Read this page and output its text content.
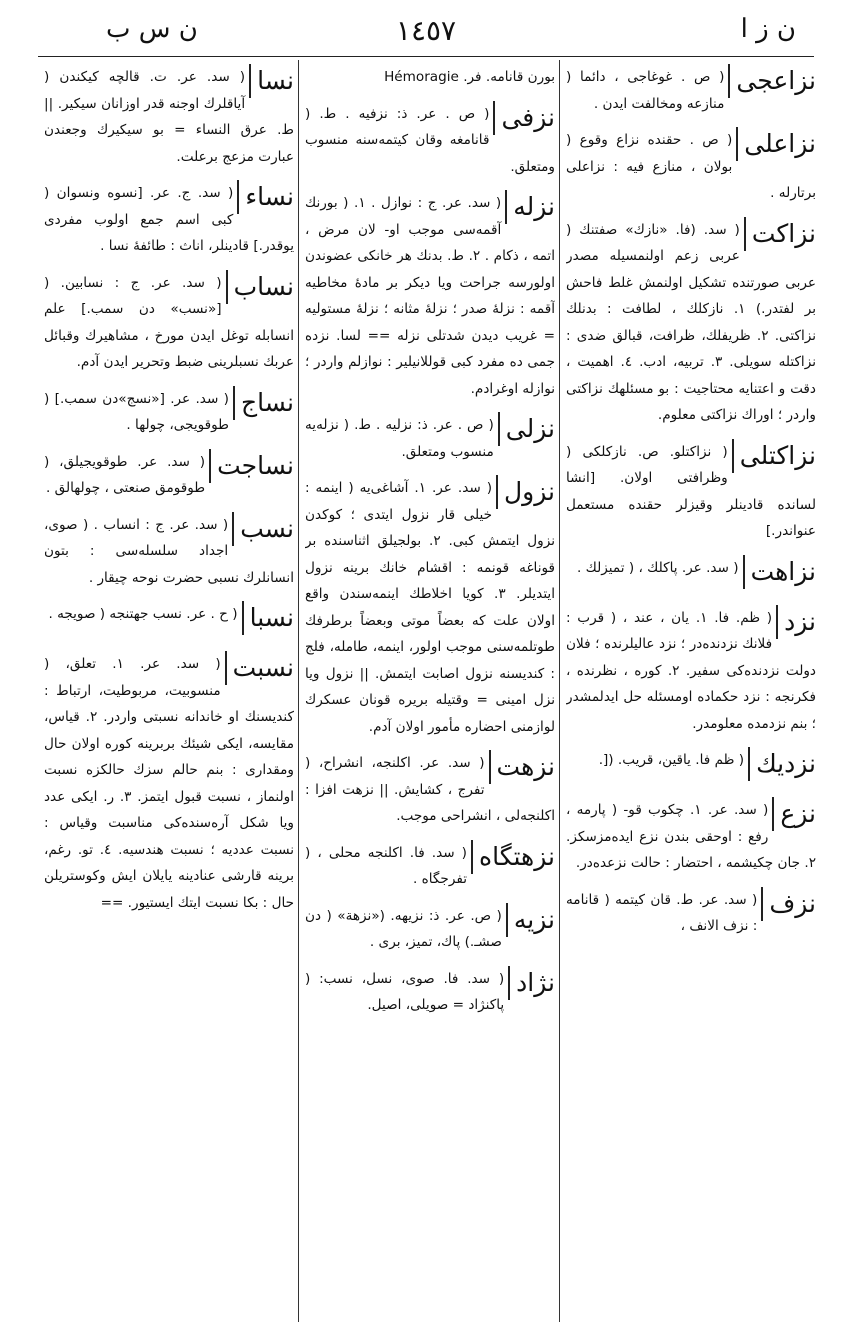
ن ز ا
١٤٥٧
ن س ب
نزاعجى

( ص . غوغاجى ، دائما ( منازعه ومخالفت ايدن .

نزاعلى

( ص . حقنده نزاع وقوع ( بولان ، منازع فيه : نزاعلى برتارله .

نزاكت

( سد. (فا. «نازك» صفتنك ( عربى زعم اولنمسيله مصدر عربى صورتنده تشكيل اولنمش غلط فاحش بر لفتدر.) ١. نازكلك ، لطافت : بدنلك نزاكتى. ٢. ظريفلك، ظرافت، قبالق ضدى : نزاكتله سويلى. ٣. تربيه، ادب. ٤. اهميت ، دقت و اعتنايه محتاجيت : بو مسئلهك نزاكتى واردر ؛ اوراك نزاكتى معلوم.

نزاكتلى

( نزاكتلو. ص. نازكلكى ( وظرافتى اولان. [انشا لسانده قادينلر وقيزلر حقنده مستعمل عنواندر.]

نزاهت

( سد. عر. پاكلك ، ( تميزلك .

نزد

( ظم. فا. ١. يان ، عند ، ( قرب : فلانك نزدنده‌در ؛ نزد عاليلرنده ؛ فلان دولت نزدنده‌كى سفير. ٢. كوره ، نظرنده ، فكرنجه : نزد حكماده اومسئله حل ايدلمشدر ؛ بنم نزدمده معلومدر.

نزديك

( ظم فا. ياقين، قريب. ([.

نزع

( سد. عر. ١. چكوب قو- ( پارمه ، رفع : اوحقى بندن نزع ايده‌مزسكز. ٢. جان چكيشمه ، احتضار : حالت نزعده‌در.

نزف

( سد. عر. ط. قان كيتمه ( قانامه : نزف الانف ،

بورن قانامه. فر. Hémoragie

نزفى

( ص . عر. ذ: نزفيه . ط. ( قانامغه وقان كيتمه‌سنه منسوب ومتعلق.

نزله

( سد. عر. ج : نوازل . ١. ( بورنك آقمه‌سى موجب او- لان مرض ، اتمه ، ذكام . ٢. ط. بدنك هر خانكى عضوندن اولورسه جراحت ويا ديكر بر مادهٔ مخاطيه آقمه : نزلهٔ صدر ؛ نزلهٔ مثانه ؛ نزلهٔ مستوليه = غريب ديدن شدتلى نزله == لسا. نزده جمى ده مفرد كبى قوللانيلير : نوازلم واردر ؛ نوازله اوغرادم.

نزلى

( ص . عر. ذ: نزليه . ط. ( نزله‌يه منسوب ومتعلق.

نزول

( سد. عر. ١. آشاغى‌يه ( اينمه : خيلى قار نزول ايتدى ؛ كوكدن نزول ايتمش كبى. ٢. بولجيلق اثناسنده بر قوناغه قونمه : اقشام خانك برينه نزول ايتديلر. ٣. كويا اخلاطك اينمه‌سندن واقع اولان علت كه بعضاً موتى وبعضاً برطرفك طوتلمه‌سنى موجب اولور، اينمه، طامله، فلج : كنديسنه نزول اصابت ايتمش. || نزول ويا نزل امينى = وقتيله بريره قونان عسكرك لوازمنى احضاره مأمور اولان آدم.

نزهت

( سد. عر. اكلنجه، انشراح، ( تفرج ، كشايش. || نزهت افزا : اكلنجه‌لى ، انشراحى موجب.

نزهتگاه

( سد. فا. اكلنجه محلى ، ( تفرجگاه .

نزيه

( ص. عر. ذ: نزيهه. («نزهة» ( دن صشـ.) پاك، تميز، برى .

نژاد

( سد. فا. صوى، نسل، نسب: ( پاكنژاد = صويلى، اصيل.

نسا

( سد. عر. ت. قالچه كيكندن ( آياقلرك اوجنه قدر اوزانان سيكير. || ط. عرق النساء = بو سيكيرك وجعندن عبارت مزعج برعلت.

نساء

( سد. ج. عر. [نسوه ونسوان ( كبى اسم جمع اولوب مفردى يوقدر.] قادينلر، اناث : طائفهٔ نسا .

نساب

( سد. عر. ج : نسابين. ( [«نسب» دن سمب.] علم انسابله توغل ايدن مورخ ، مشاهيرك وقبائل عربك نسبلرينى ضبط وتحرير ايدن آدم.

نساج

( سد. عر. [«نسج»دن سمب.] ( طوقويجى، چولها .

نساجت

( سد. عر. طوقويجيلق، ( طوقومق صنعتى ، چولهالق .

نسب

( سد. عر. ج : انساب . ( صوى، اجداد سلسله‌سى : بتون انسانلرك نسبى حضرت نوحه چيقار .

نسبا

( ح . عر. نسب جهتنجه ( صويجه .

نسبت

( سد. عر. ١. تعلق، ( منسوبيت، مربوطيت، ارتباط : كنديسنك او خاندانه نسبتى واردر. ٢. قياس، مقايسه، ايكى شيئك بربرينه كوره اولان حال ومقدارى : بنم حالم سزك حالكزه نسبت اولنماز ، نسبت قبول ايتمز. ٣. ر. ايكى عدد ويا شكل آره‌سنده‌كى مناسبت وقياس : نسبت عدديه ؛ نسبت هندسيه. ٤. تو. رغم، برينه قارشى عنادينه يايلان ايش وكوستريلن حال : بكا نسبت ايتك ايستيور. ==
